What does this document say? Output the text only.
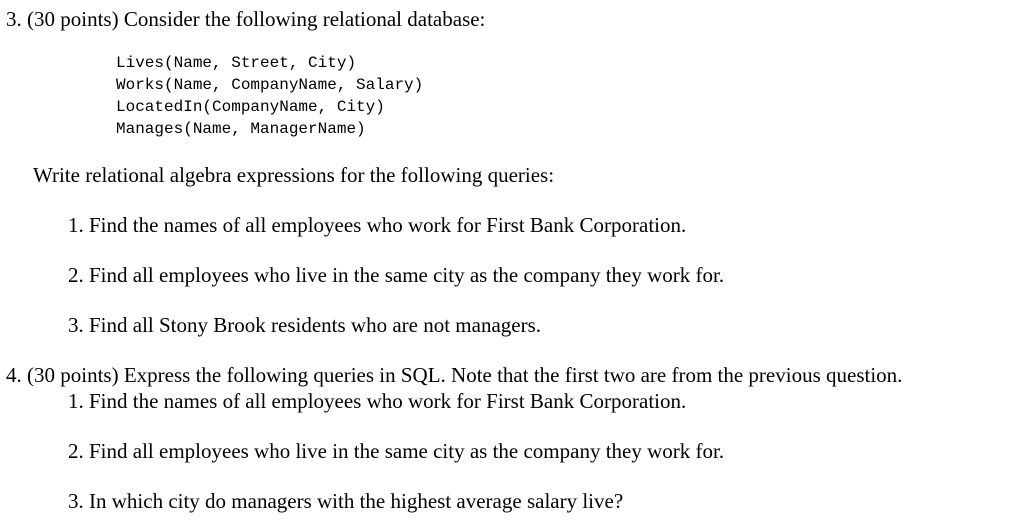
3. (30 points) Consider the following relational database:
Lives(Name, Street, City)
Works(Name, CompanyName, Salary)
LocatedIn(CompanyName, City)
Manages(Name, ManagerName)
Write relational algebra expressions for the following queries:
1. Find the names of all employees who work for First Bank Corporation.
2. Find all employees who live in the same city as the company they work for.
3. Find all Stony Brook residents who are not managers.
4. (30 points) Express the following queries in SQL. Note that the first two are from the previous question.
1. Find the names of all employees who work for First Bank Corporation.
2. Find all employees who live in the same city as the company they work for.
3. In which city do managers with the highest average salary live?
